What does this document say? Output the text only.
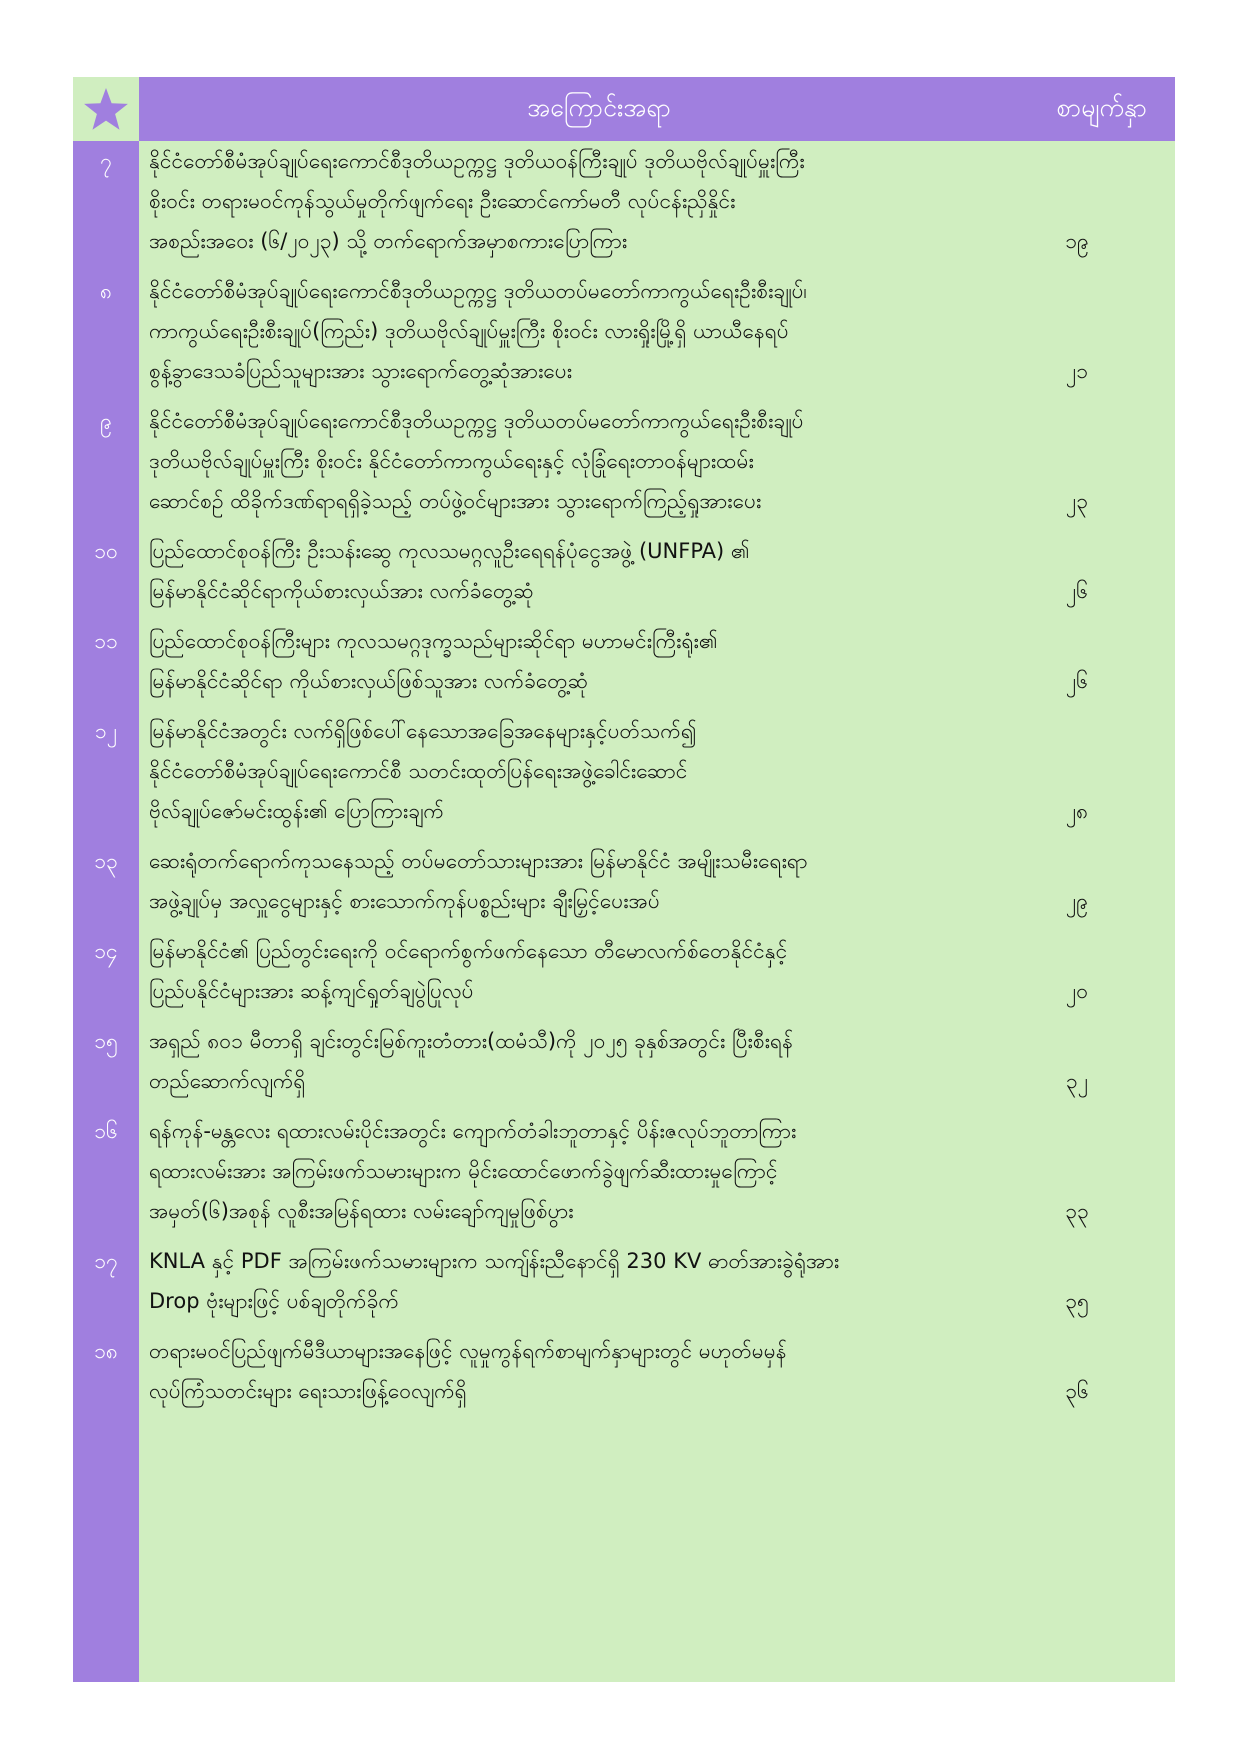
အကြောင်းအရာ	စာမျက်နှာ
၇	နိုင်ငံတော်စီမံအုပ်ချုပ်ရေးကောင်စီဒုတိယဥက္ကဋ္ဌ ဒုတိယဝန်ကြီးချုပ် ဒုတိယဗိုလ်ချုပ်မှူးကြီး
စိုးဝင်း တရားမဝင်ကုန်သွယ်မှုတိုက်ဖျက်ရေး ဦးဆောင်ကော်မတီ လုပ်ငန်းညှိနှိုင်း
အစည်းအဝေး (၆/၂၀၂၃) သို့ တက်ရောက်အမှာစကားပြောကြား	၁၉
၈	နိုင်ငံတော်စီမံအုပ်ချုပ်ရေးကောင်စီဒုတိယဥက္ကဋ္ဌ ဒုတိယတပ်မတော်ကာကွယ်ရေးဦးစီးချုပ်၊
ကာကွယ်ရေးဦးစီးချုပ်(ကြည်း) ဒုတိယဗိုလ်ချုပ်မှူးကြီး စိုးဝင်း လားရှိုးမြို့ရှိ ယာယီနေရပ်
စွန့်ခွာဒေသခံပြည်သူများအား သွားရောက်တွေ့ဆုံအားပေး	၂၁
၉	နိုင်ငံတော်စီမံအုပ်ချုပ်ရေးကောင်စီဒုတိယဥက္ကဋ္ဌ ဒုတိယတပ်မတော်ကာကွယ်ရေးဦးစီးချုပ်
ဒုတိယဗိုလ်ချုပ်မှူးကြီး စိုးဝင်း နိုင်ငံတော်ကာကွယ်ရေးနှင့် လုံခြုံရေးတာဝန်များထမ်း
ဆောင်စဉ် ထိခိုက်ဒဏ်ရာရရှိခဲ့သည့် တပ်ဖွဲ့ဝင်များအား သွားရောက်ကြည့်ရှုအားပေး	၂၃
၁၀	ပြည်ထောင်စုဝန်ကြီး ဦးသန်းဆွေ ကုလသမဂ္ဂလူဦးရေရန်ပုံငွေအဖွဲ့ (UNFPA) ၏
မြန်မာနိုင်ငံဆိုင်ရာကိုယ်စားလှယ်အား လက်ခံတွေ့ဆုံ	၂၆
၁၁	ပြည်ထောင်စုဝန်ကြီးများ ကုလသမဂ္ဂဒုက္ခသည်များဆိုင်ရာ မဟာမင်းကြီးရုံး၏
မြန်မာနိုင်ငံဆိုင်ရာ ကိုယ်စားလှယ်ဖြစ်သူအား လက်ခံတွေ့ဆုံ	၂၆
၁၂	မြန်မာနိုင်ငံအတွင်း လက်ရှိဖြစ်ပေါ်နေသောအခြေအနေများနှင့်ပတ်သက်၍
နိုင်ငံတော်စီမံအုပ်ချုပ်ရေးကောင်စီ သတင်းထုတ်ပြန်ရေးအဖွဲ့ခေါင်းဆောင်
ဗိုလ်ချုပ်ဇော်မင်းထွန်း၏ ပြောကြားချက်	၂၈
၁၃	ဆေးရုံတက်ရောက်ကုသနေသည့် တပ်မတော်သားများအား မြန်မာနိုင်ငံ အမျိုးသမီးရေးရာ
အဖွဲ့ချုပ်မှ အလှူငွေများနှင့် စားသောက်ကုန်ပစ္စည်းများ ချီးမြှင့်ပေးအပ်	၂၉
၁၄	မြန်မာနိုင်ငံ၏ ပြည်တွင်းရေးကို ဝင်ရောက်စွက်ဖက်နေသော တီမောလက်စ်တေနိုင်ငံနှင့်
ပြည်ပနိုင်ငံများအား ဆန့်ကျင်ရှုတ်ချပွဲပြုလုပ်	၂၀
၁၅	အရှည် ၈၀၁ မီတာရှိ ချင်းတွင်းမြစ်ကူးတံတား(ထမံသီ)ကို ၂၀၂၅ ခုနှစ်အတွင်း ပြီးစီးရန်
တည်ဆောက်လျက်ရှိ	၃၂
၁၆	ရန်ကုန်-မန္တလေး ရထားလမ်းပိုင်းအတွင်း ကျောက်တံခါးဘူတာနှင့် ပိန်းဇလုပ်ဘူတာကြား
ရထားလမ်းအား အကြမ်းဖက်သမားများက မိုင်းထောင်ဖောက်ခွဲဖျက်ဆီးထားမှုကြောင့်
အမှတ်(၆)အစုန် လူစီးအမြန်ရထား လမ်းချော်ကျမှုဖြစ်ပွား	၃၃
၁၇	KNLA နှင့် PDF အကြမ်းဖက်သမားများက သကျ်န်းညီနောင်ရှိ 230 KV ဓာတ်အားခွဲရုံအား
Drop ဗုံးများဖြင့် ပစ်ချတိုက်ခိုက်	၃၅
၁၈	တရားမဝင်ပြည်ဖျက်မီဒီယာများအနေဖြင့် လူမှုကွန်ရက်စာမျက်နှာများတွင် မဟုတ်မမှန်
လုပ်ကြံသတင်းများ ရေးသားဖြန့်ဝေလျက်ရှိ	၃၆
